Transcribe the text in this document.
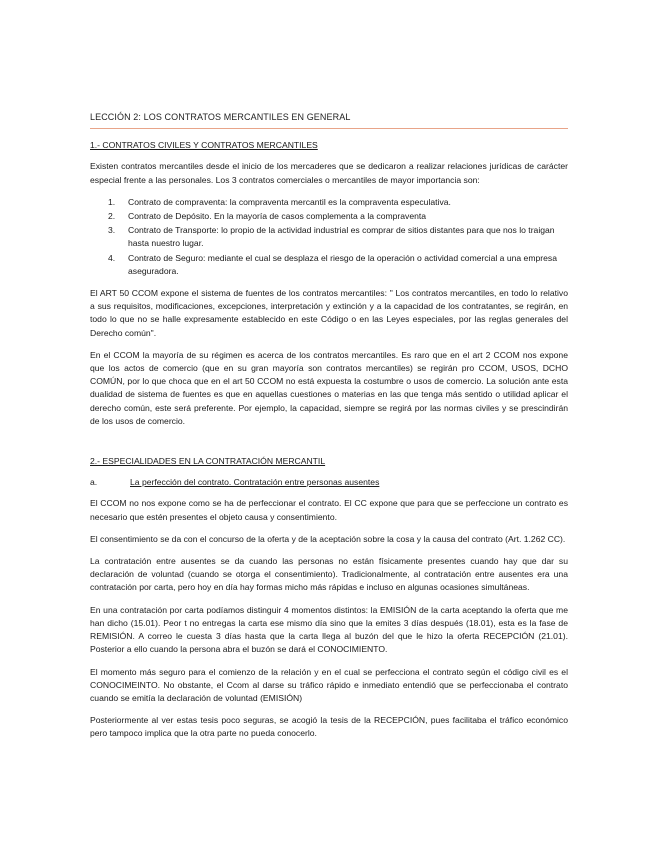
LECCIÓN 2: LOS CONTRATOS MERCANTILES EN GENERAL
1.- CONTRATOS CIVILES Y CONTRATOS MERCANTILES

Existen contratos mercantiles desde el inicio de los mercaderes que se dedicaron a realizar relaciones jurídicas de carácter especial frente a las personales. Los 3 contratos comerciales o mercantiles de mayor importancia son:

1.	Contrato de compraventa: la compraventa mercantil es la compraventa especulativa.
2.	Contrato de Depósito. En la mayoría de casos complementa a la compraventa
3.	Contrato de Transporte: lo propio de la actividad industrial es comprar de sitios distantes para que nos lo traigan hasta nuestro lugar.
4.	Contrato de Seguro: mediante el cual se desplaza el riesgo de la operación o actividad comercial a una empresa aseguradora.

El ART 50 CCOM expone el sistema de fuentes de los contratos mercantiles: " Los contratos mercantiles, en todo lo relativo a sus requisitos, modificaciones, excepciones, interpretación y extinción y a la capacidad de los contratantes, se regirán, en todo lo que no se halle expresamente establecido en este Código o en las Leyes especiales, por las reglas generales del Derecho común".

En el CCOM la mayoría de su régimen es acerca de los contratos mercantiles. Es raro que en el art 2 CCOM nos expone que los actos de comercio (que en su gran mayoría son contratos mercantiles) se regirán pro CCOM, USOS, DCHO COMÚN, por lo que choca que en el art 50 CCOM no está expuesta la costumbre o usos de comercio. La solución ante esta dualidad de sistema de fuentes es que en aquellas cuestiones o materias en las que tenga más sentido o utilidad aplicar el derecho común, este será preferente. Por ejemplo, la capacidad, siempre se regirá por las normas civiles y se prescindirán de los usos de comercio.

2.- ESPECIALIDADES EN LA CONTRATACIÓN MERCANTIL
a.	La perfección del contrato. Contratación entre personas ausentes

El CCOM no nos expone como se ha de perfeccionar el contrato. El CC expone que para que se perfeccione un contrato es necesario que estén presentes el objeto causa y consentimiento.

El consentimiento se da con el concurso de la oferta y de la aceptación sobre la cosa y la causa del contrato (Art. 1.262 CC).

La contratación entre ausentes se da cuando las personas no están físicamente presentes cuando hay que dar su declaración de voluntad (cuando se otorga el consentimiento). Tradicionalmente, al contratación entre ausentes era una contratación por carta, pero hoy en día hay formas micho más rápidas e incluso en algunas ocasiones simultáneas.

En una contratación por carta podíamos distinguir 4 momentos distintos: la EMISIÓN de la carta aceptando la oferta que me han dicho (15.01). Peor t no entregas la carta ese mismo día sino que la emites 3 días después (18.01), esta es la fase de REMISIÓN. A correo le cuesta 3 días hasta que la carta llega al buzón del que le hizo la oferta RECEPCIÓN (21.01). Posterior a ello cuando la persona abra el buzón se dará el CONOCIMIENTO.

El momento más seguro para el comienzo de la relación y en el cual se perfecciona el contrato según el código civil es el CONOCIMEINTO. No obstante, el Ccom al darse su tráfico rápido e inmediato entendió que se perfeccionaba el contrato cuando se emitía la declaración de voluntad (EMISIÓN)

Posteriormente al ver estas tesis poco seguras, se acogió la tesis de la RECEPCIÓN, pues facilitaba el tráfico económico pero tampoco implica que la otra parte no pueda conocerlo.
